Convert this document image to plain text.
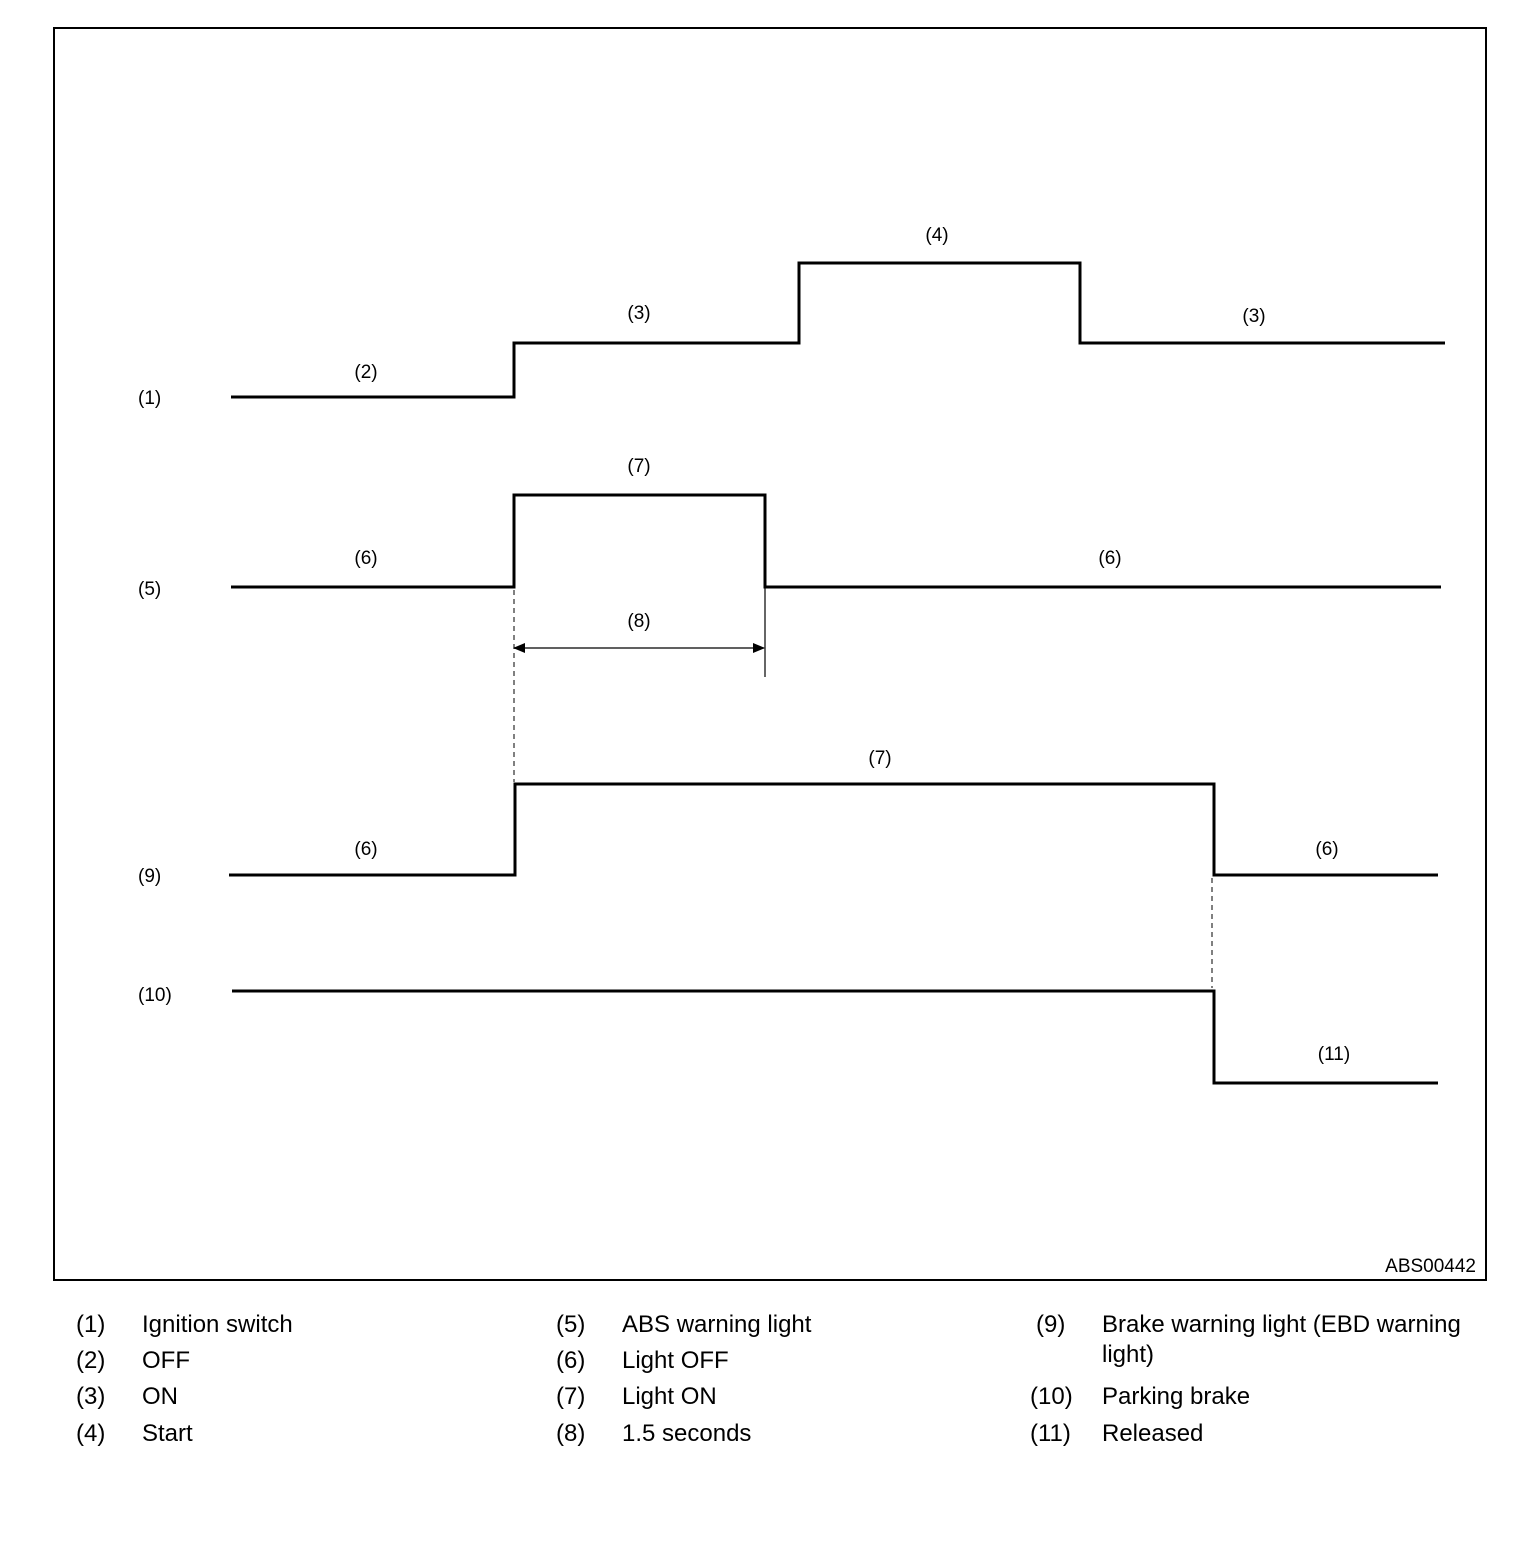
(1)
(5)
(9)
(10)
(2)
(3)
(4)
(3)
(6)
(7)
(6)
(8)
(6)
(7)
(6)
(11)
ABS00442
(1) Ignition switch
(2) OFF
(3) ON
(4) Start
(5) ABS warning light
(6) Light OFF
(7) Light ON
(8) 1.5 seconds
(9) Brake warning light (EBD warning light)
(10) Parking brake
(11) Released
